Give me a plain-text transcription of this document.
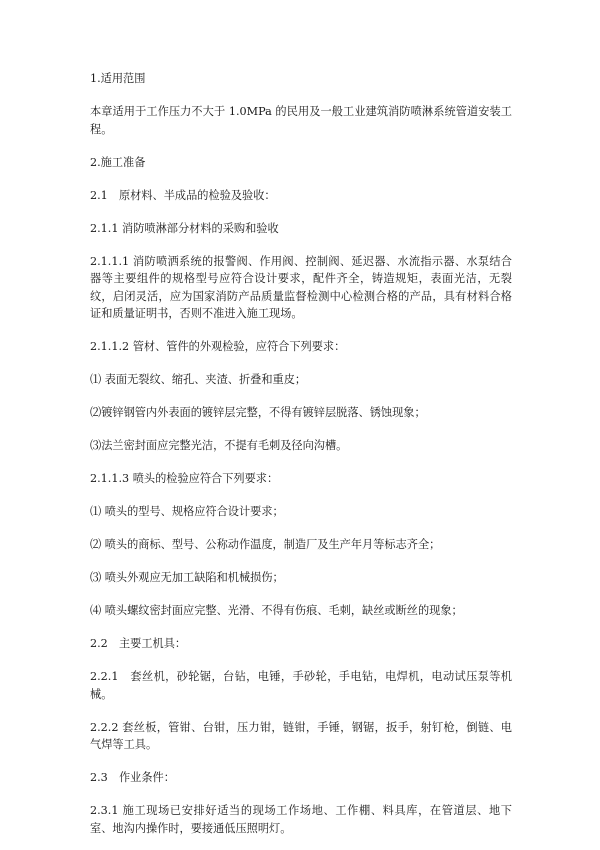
1.适用范围

本章适用于工作压力不大于 1.0MPa 的民用及一般工业建筑消防喷淋系统管道安装工程。

2.施工准备

2.1　原材料、半成品的检验及验收：

2.1.1 消防喷淋部分材料的采购和验收

2.1.1.1 消防喷洒系统的报警阀、作用阀、控制阀、延迟器、水流指示器、水泵结合器等主要组件的规格型号应符合设计要求，配件齐全，铸造规矩，表面光洁，无裂纹，启闭灵活，应为国家消防产品质量监督检测中心检测合格的产品，具有材料合格证和质量证明书，否则不准进入施工现场。

2.1.1.2 管材、管件的外观检验，应符合下列要求：

⑴ 表面无裂纹、缩孔、夹渣、折叠和重皮；

⑵镀锌钢管内外表面的镀锌层完整，不得有镀锌层脱落、锈蚀现象；

⑶法兰密封面应完整光洁，不提有毛刺及径向沟槽。

2.1.1.3 喷头的检验应符合下列要求：

⑴ 喷头的型号、规格应符合设计要求；

⑵ 喷头的商标、型号、公称动作温度，制造厂及生产年月等标志齐全；

⑶ 喷头外观应无加工缺陷和机械损伤；

⑷ 喷头螺纹密封面应完整、光滑、不得有伤痕、毛刺，缺丝或断丝的现象；

2.2　主要工机具：

2.2.1　套丝机，砂轮锯，台钻，电锤，手砂轮，手电钻，电焊机，电动试压泵等机械。

2.2.2 套丝板，管钳、台钳，压力钳，链钳，手锤，钢锯，扳手，射钉枪，倒链、电气焊等工具。

2.3　作业条件：

2.3.1 施工现场已安排好适当的现场工作场地、工作棚、料具库，在管道层、地下室、地沟内操作时，要接通低压照明灯。
